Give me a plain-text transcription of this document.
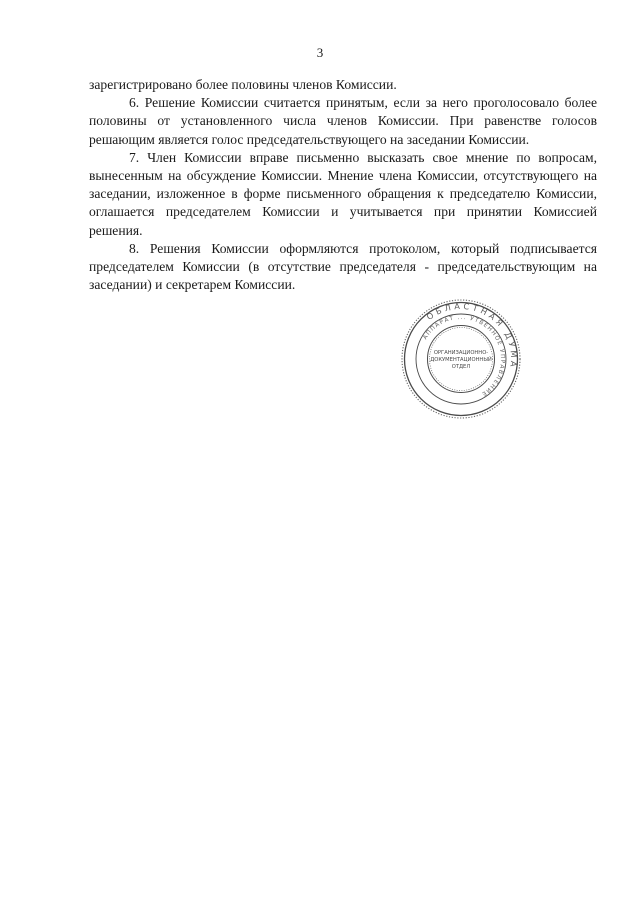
3

зарегистрировано более половины членов Комиссии.

6. Решение Комиссии считается принятым, если за него проголосовало более половины от установленного числа членов Комиссии. При равенстве голосов решающим является голос председательствующего на заседании Комиссии.

7. Член Комиссии вправе письменно высказать свое мнение по вопросам, вынесенным на обсуждение Комиссии. Мнение члена Комиссии, отсутствующего на заседании, изложенное в форме письменного обращения к председателю Комиссии, оглашается председателем Комиссии и учитывается при принятии Комиссией решения.

8. Решения Комиссии оформляются протоколом, который подписывается председателем Комиссии (в отсутствие председателя - председательствующим на заседании) и секретарем Комиссии.

ОБЛАСТНАЯ ДУМА
АППАРАТ ... УТВЕННОЕ УПРАВЛЕНИЕ
ОРГАНИЗАЦИОННО-
ДОКУМЕНТАЦИОННЫЙ
ОТДЕЛ
